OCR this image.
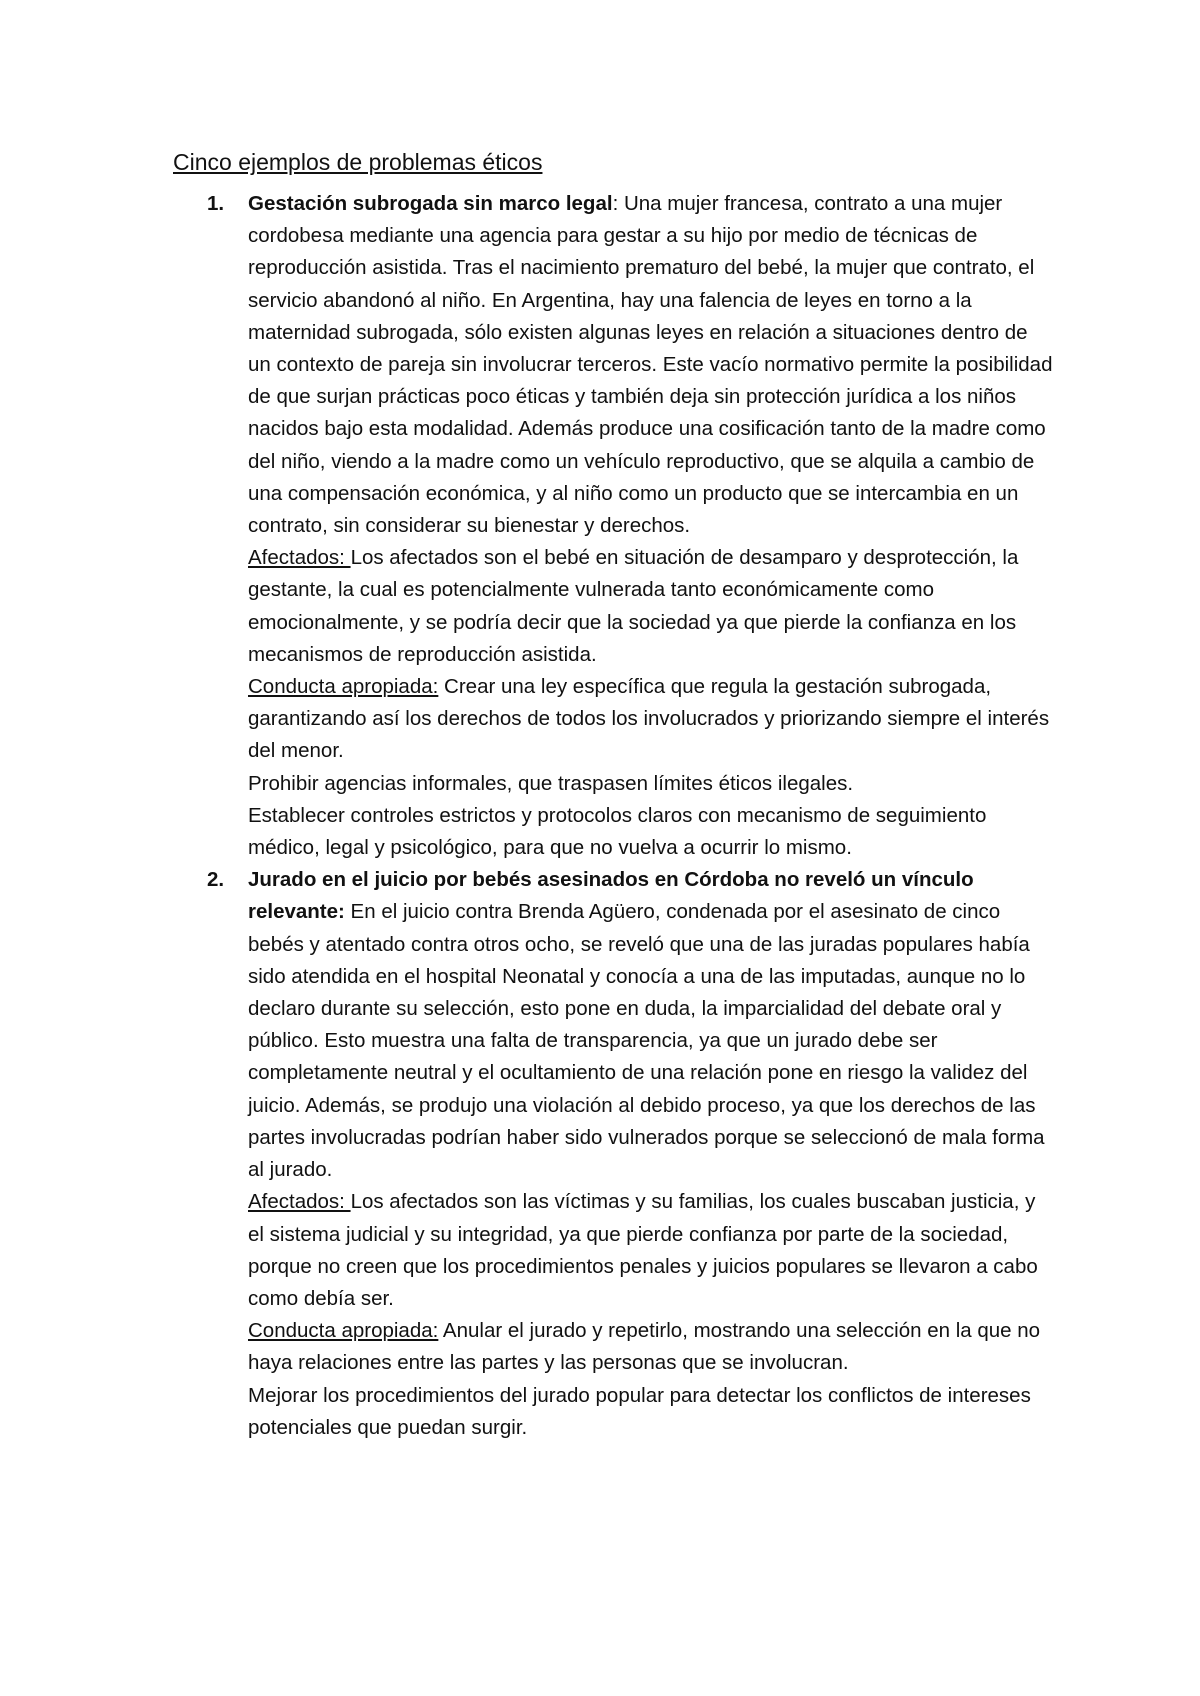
Cinco ejemplos de problemas éticos
1. Gestación subrogada sin marco legal: Una mujer francesa, contrato a una mujer cordobesa mediante una agencia para gestar a su hijo por medio de técnicas de reproducción asistida. Tras el nacimiento prematuro del bebé, la mujer que contrato, el servicio abandonó al niño. En Argentina, hay una falencia de leyes en torno a la maternidad subrogada, sólo existen algunas leyes en relación a situaciones dentro de un contexto de pareja sin involucrar terceros. Este vacío normativo permite la posibilidad de que surjan prácticas poco éticas y también deja sin protección jurídica a los niños nacidos bajo esta modalidad. Además produce una cosificación tanto de la madre como del niño, viendo a la madre como un vehículo reproductivo, que se alquila a cambio de una compensación económica, y al niño como un producto que se intercambia en un contrato, sin considerar su bienestar y derechos.

Afectados: Los afectados son el bebé en situación de desamparo y desprotección, la gestante, la cual es potencialmente vulnerada tanto económicamente como emocionalmente, y se podría decir que la sociedad ya que pierde la confianza en los mecanismos de reproducción asistida.

Conducta apropiada: Crear una ley específica que regula la gestación subrogada, garantizando así los derechos de todos los involucrados y priorizando siempre el interés del menor.

Prohibir agencias informales, que traspasen límites éticos ilegales.

Establecer controles estrictos y protocolos claros con mecanismo de seguimiento médico, legal y psicológico, para que no vuelva a ocurrir lo mismo.

2. Jurado en el juicio por bebés asesinados en Córdoba no reveló un vínculo relevante: En el juicio contra Brenda Agüero, condenada por el asesinato de cinco bebés y atentado contra otros ocho, se reveló que una de las juradas populares había sido atendida en el hospital Neonatal y conocía a una de las imputadas, aunque no lo declaro durante su selección, esto pone en duda, la imparcialidad del debate oral y público. Esto muestra una falta de transparencia, ya que un jurado debe ser completamente neutral y el ocultamiento de una relación pone en riesgo la validez del juicio. Además, se produjo una violación al debido proceso, ya que los derechos de las partes involucradas podrían haber sido vulnerados porque se seleccionó de mala forma al jurado.

Afectados: Los afectados son las víctimas y su familias, los cuales buscaban justicia, y el sistema judicial y su integridad, ya que pierde confianza por parte de la sociedad, porque no creen que los procedimientos penales y juicios populares se llevaron a cabo como debía ser.

Conducta apropiada: Anular el jurado y repetirlo, mostrando una selección en la que no haya relaciones entre las partes y las personas que se involucran.

Mejorar los procedimientos del jurado popular para detectar los conflictos de intereses potenciales que puedan surgir.
